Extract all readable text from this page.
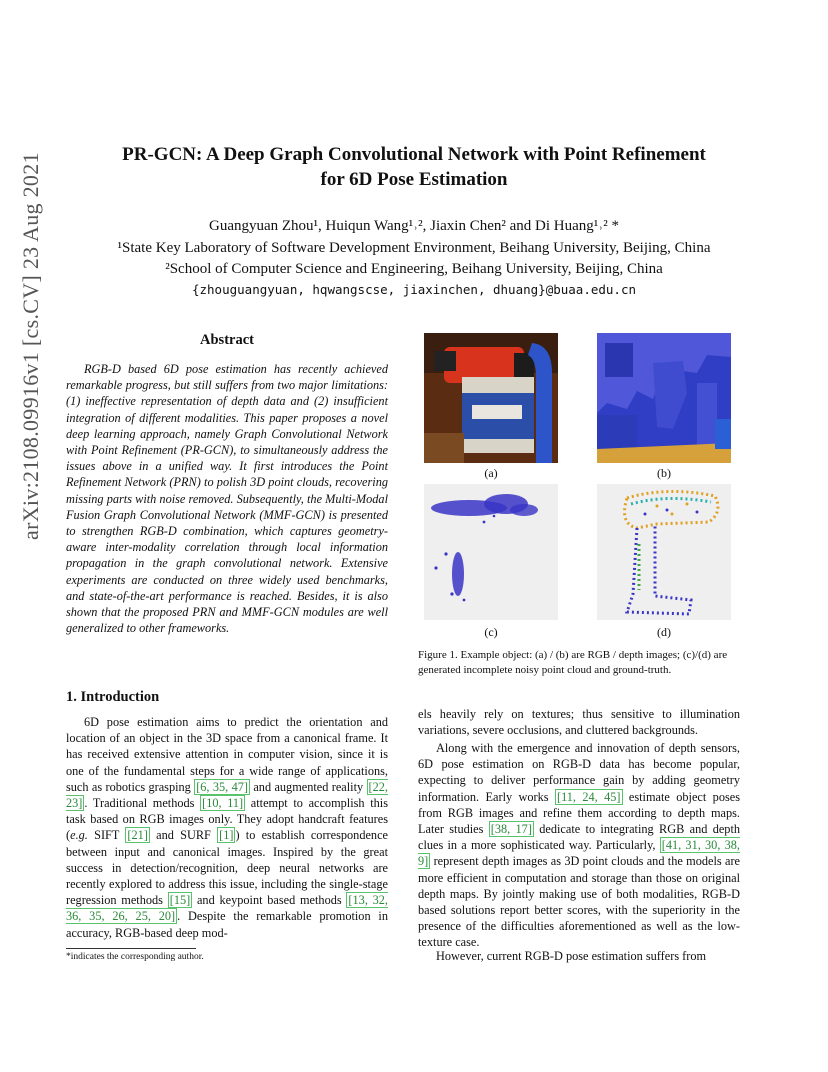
arXiv:2108.09916v1 [cs.CV] 23 Aug 2021	PR-GCN: A Deep Graph Convolutional Network with Point Refinement
for 6D Pose Estimation
Guangyuan Zhou¹, Huiqun Wang¹˒², Jiaxin Chen² and Di Huang¹˒² *
¹State Key Laboratory of Software Development Environment, Beihang University, Beijing, China
²School of Computer Science and Engineering, Beihang University, Beijing, China
{zhouguangyuan, hqwangscse, jiaxinchen, dhuang}@buaa.edu.cn
Abstract

RGB-D based 6D pose estimation has recently achieved remarkable progress, but still suffers from two major limitations: (1) ineffective representation of depth data and (2) insufficient integration of different modalities. This paper proposes a novel deep learning approach, namely Graph Convolutional Network with Point Refinement (PR-GCN), to simultaneously address the issues above in a unified way. It first introduces the Point Refinement Network (PRN) to polish 3D point clouds, recovering missing parts with noise removed. Subsequently, the Multi-Modal Fusion Graph Convolutional Network (MMF-GCN) is presented to strengthen RGB-D combination, which captures geometry-aware inter-modality correlation through local information propagation in the graph convolutional network. Extensive experiments are conducted on three widely used benchmarks, and state-of-the-art performance is reached. Besides, it is also shown that the proposed PRN and MMF-GCN modules are well generalized to other frameworks.

1. Introduction

6D pose estimation aims to predict the orientation and location of an object in the 3D space from a canonical frame. It has received extensive attention in computer vision, since it is one of the fundamental steps for a wide range of applications, such as robotics grasping [6, 35, 47] and augmented reality [22, 23] . Traditional methods [10, 11] attempt to accomplish this task based on RGB images only. They adopt handcraft features (e.g. SIFT [21] and SURF [1] ) to establish correspondence between input and canonical images. Inspired by the great success in detection/recognition, deep neural networks are recently explored to address this issue, including the single-stage regression methods [15] and keypoint based methods [13, 32, 36, 35, 26, 25, 20] . Despite the remarkable promotion in accuracy, RGB-based deep mod-

*indicates the corresponding author.
(a)	(b)
(c)	(d)
Figure 1. Example object: (a) / (b) are RGB / depth images; (c)/(d) are generated incomplete noisy point cloud and ground-truth.

els heavily rely on textures; thus sensitive to illumination variations, severe occlusions, and cluttered backgrounds.

Along with the emergence and innovation of depth sensors, 6D pose estimation on RGB-D data has become popular, expecting to deliver performance gain by adding geometry information. Early works [11, 24, 45] estimate object poses from RGB images and refine them according to depth maps. Later studies [38, 17] dedicate to integrating RGB and depth clues in a more sophisticated way. Particularly, [41, 31, 30, 38, 9] represent depth images as 3D point clouds and the models are more efficient in computation and storage than those on original depth maps. By jointly making use of both modalities, RGB-D based solutions report better scores, with the superiority in the presence of the difficulties aforementioned as well as the low-texture case.

However, current RGB-D pose estimation suffers from
